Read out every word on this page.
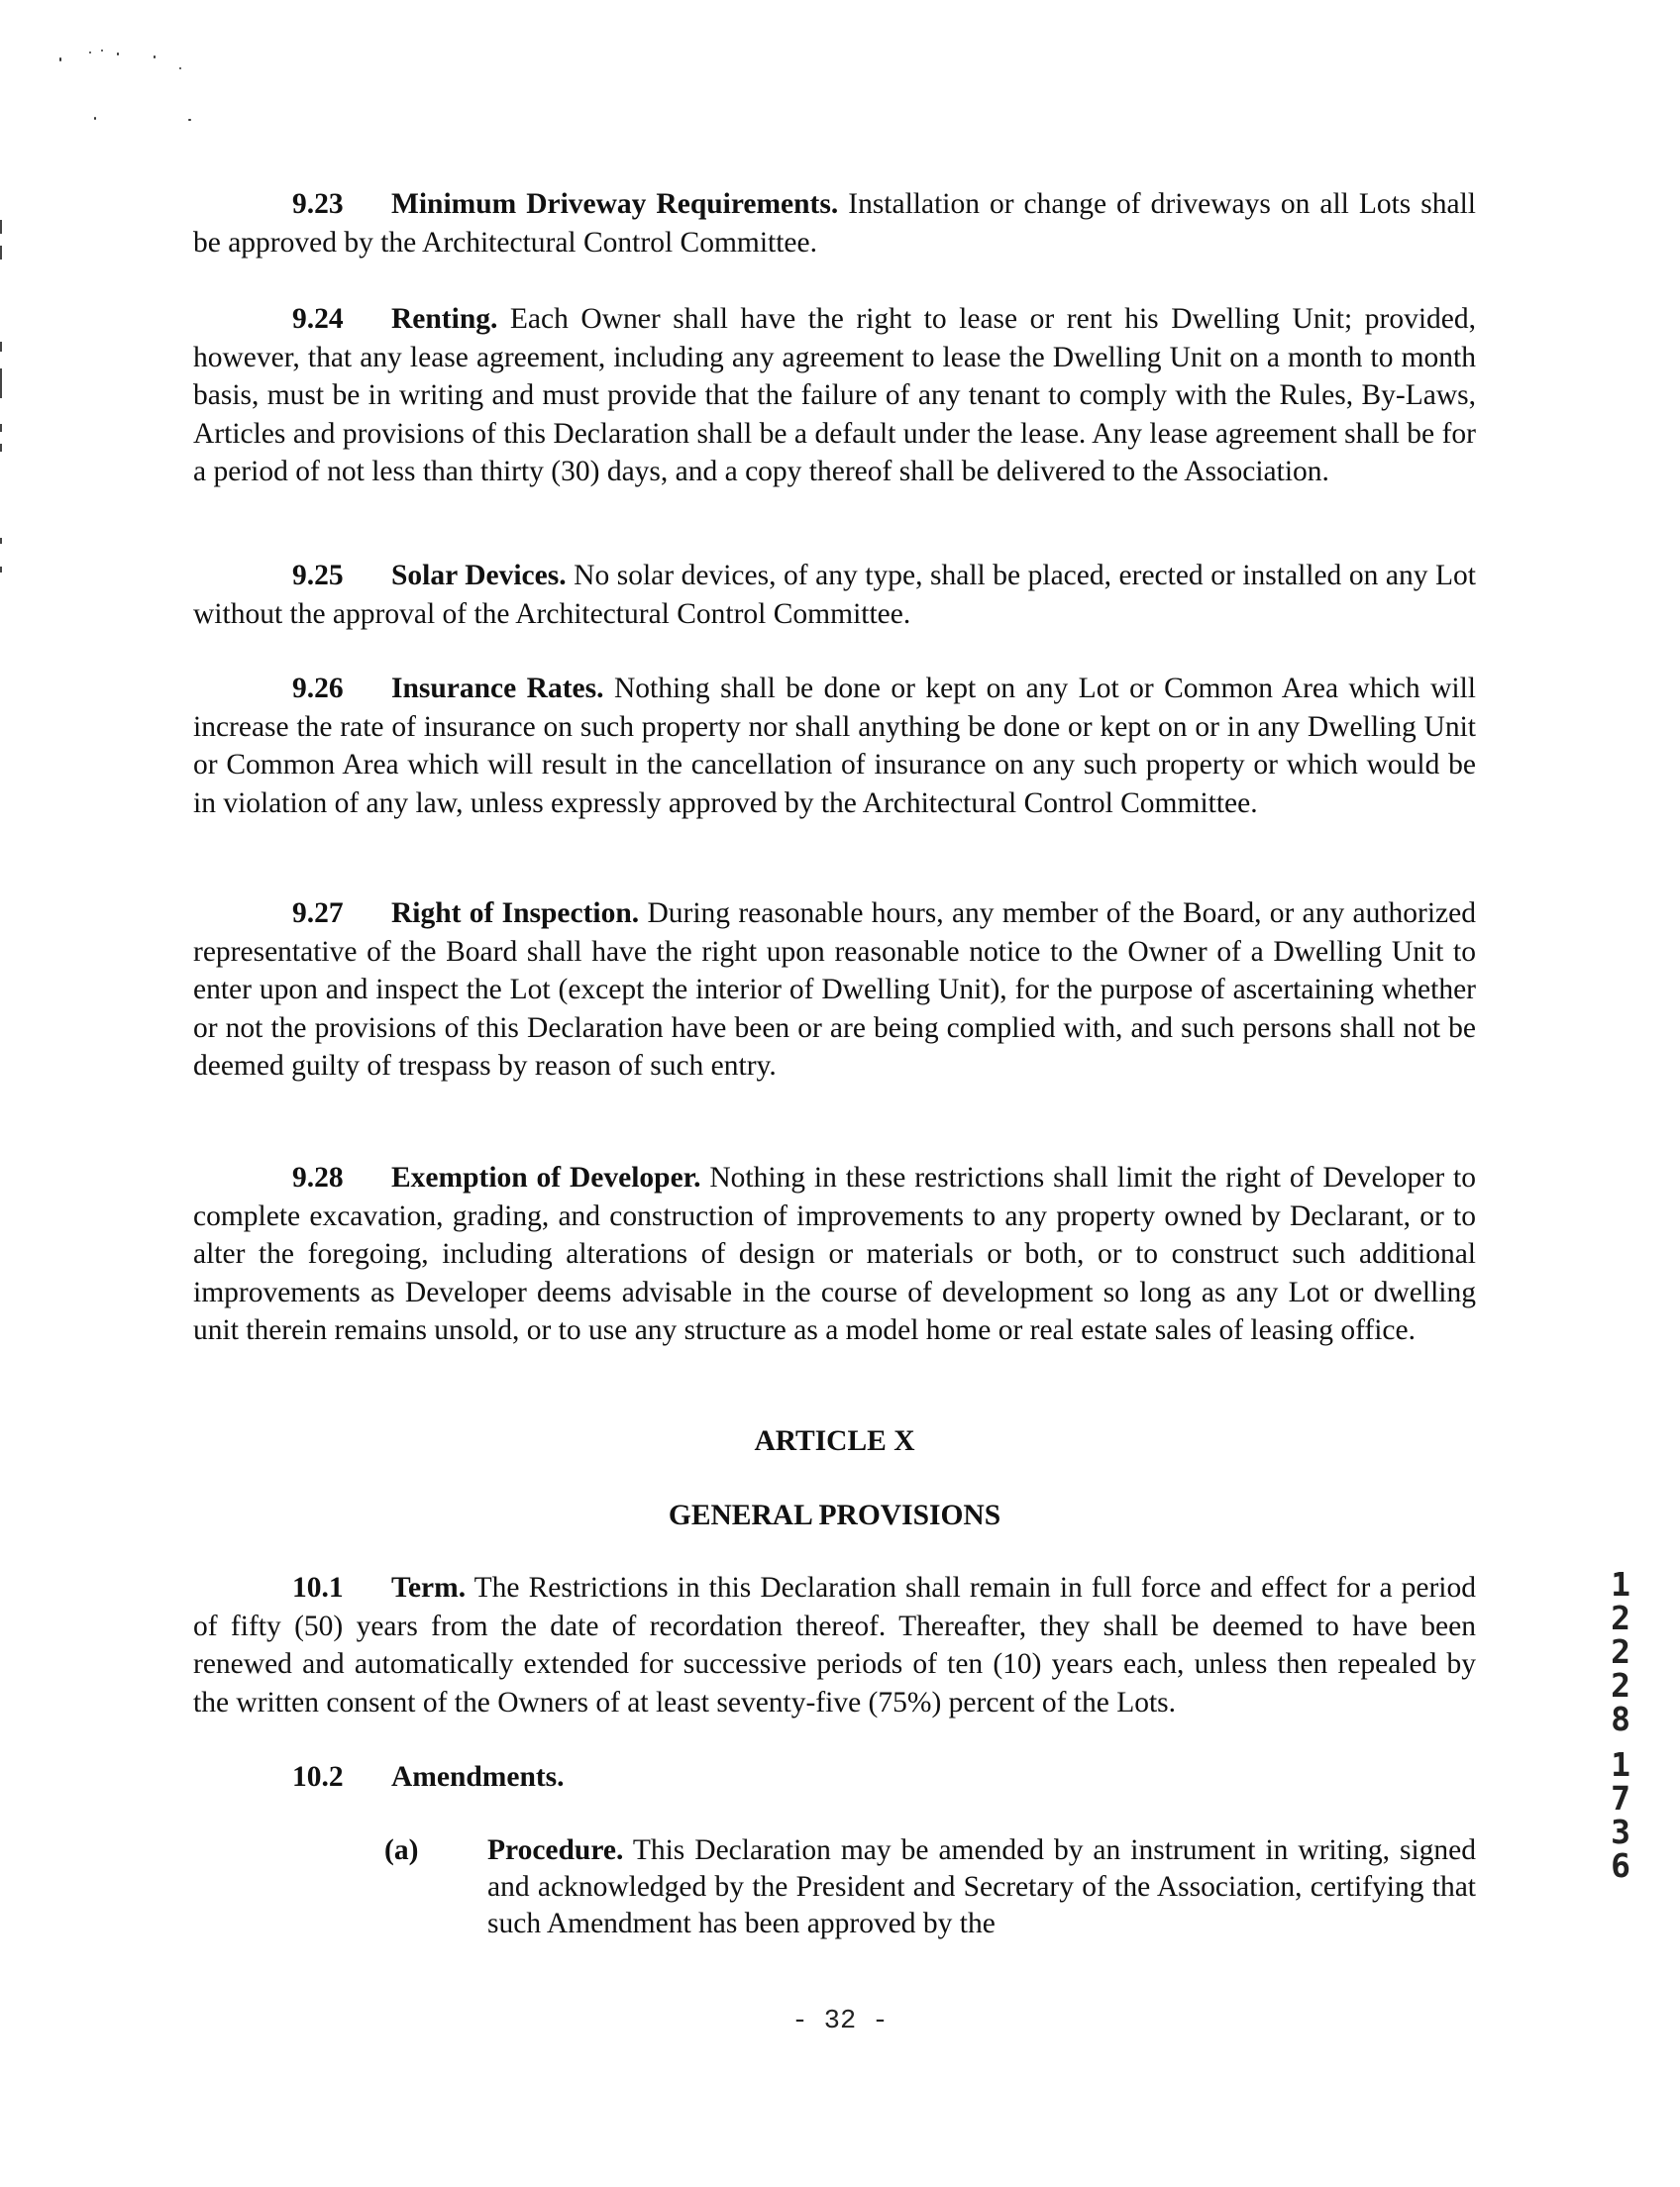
9.23 Minimum Driveway Requirements. Installation or change of driveways on all Lots shall be approved by the Architectural Control Committee.

9.24 Renting. Each Owner shall have the right to lease or rent his Dwelling Unit; provided, however, that any lease agreement, including any agreement to lease the Dwelling Unit on a month to month basis, must be in writing and must provide that the failure of any tenant to comply with the Rules, By-Laws, Articles and provisions of this Declaration shall be a default under the lease. Any lease agreement shall be for a period of not less than thirty (30) days, and a copy thereof shall be delivered to the Association.

9.25 Solar Devices. No solar devices, of any type, shall be placed, erected or installed on any Lot without the approval of the Architectural Control Committee.

9.26 Insurance Rates. Nothing shall be done or kept on any Lot or Common Area which will increase the rate of insurance on such property nor shall anything be done or kept on or in any Dwelling Unit or Common Area which will result in the cancellation of insurance on any such property or which would be in violation of any law, unless expressly approved by the Architectural Control Committee.

9.27 Right of Inspection. During reasonable hours, any member of the Board, or any authorized representative of the Board shall have the right upon reasonable notice to the Owner of a Dwelling Unit to enter upon and inspect the Lot (except the interior of Dwelling Unit), for the purpose of ascertaining whether or not the provisions of this Declaration have been or are being complied with, and such persons shall not be deemed guilty of trespass by reason of such entry.

9.28 Exemption of Developer. Nothing in these restrictions shall limit the right of Developer to complete excavation, grading, and construction of improvements to any property owned by Declarant, or to alter the foregoing, including alterations of design or materials or both, or to construct such additional improvements as Developer deems advisable in the course of development so long as any Lot or dwelling unit therein remains unsold, or to use any structure as a model home or real estate sales of leasing office.

ARTICLE X

GENERAL PROVISIONS

10.1 Term. The Restrictions in this Declaration shall remain in full force and effect for a period of fifty (50) years from the date of recordation thereof. Thereafter, they shall be deemed to have been renewed and automatically extended for successive periods of ten (10) years each, unless then repealed by the written consent of the Owners of at least seventy-five (75%) percent of the Lots.

10.2 Amendments.

(a) Procedure. This Declaration may be amended by an instrument in writing, signed and acknowledged by the President and Secretary of the Association, certifying that such Amendment has been approved by the
1
2
2
2
8
1
7
3
6
- 32 -
